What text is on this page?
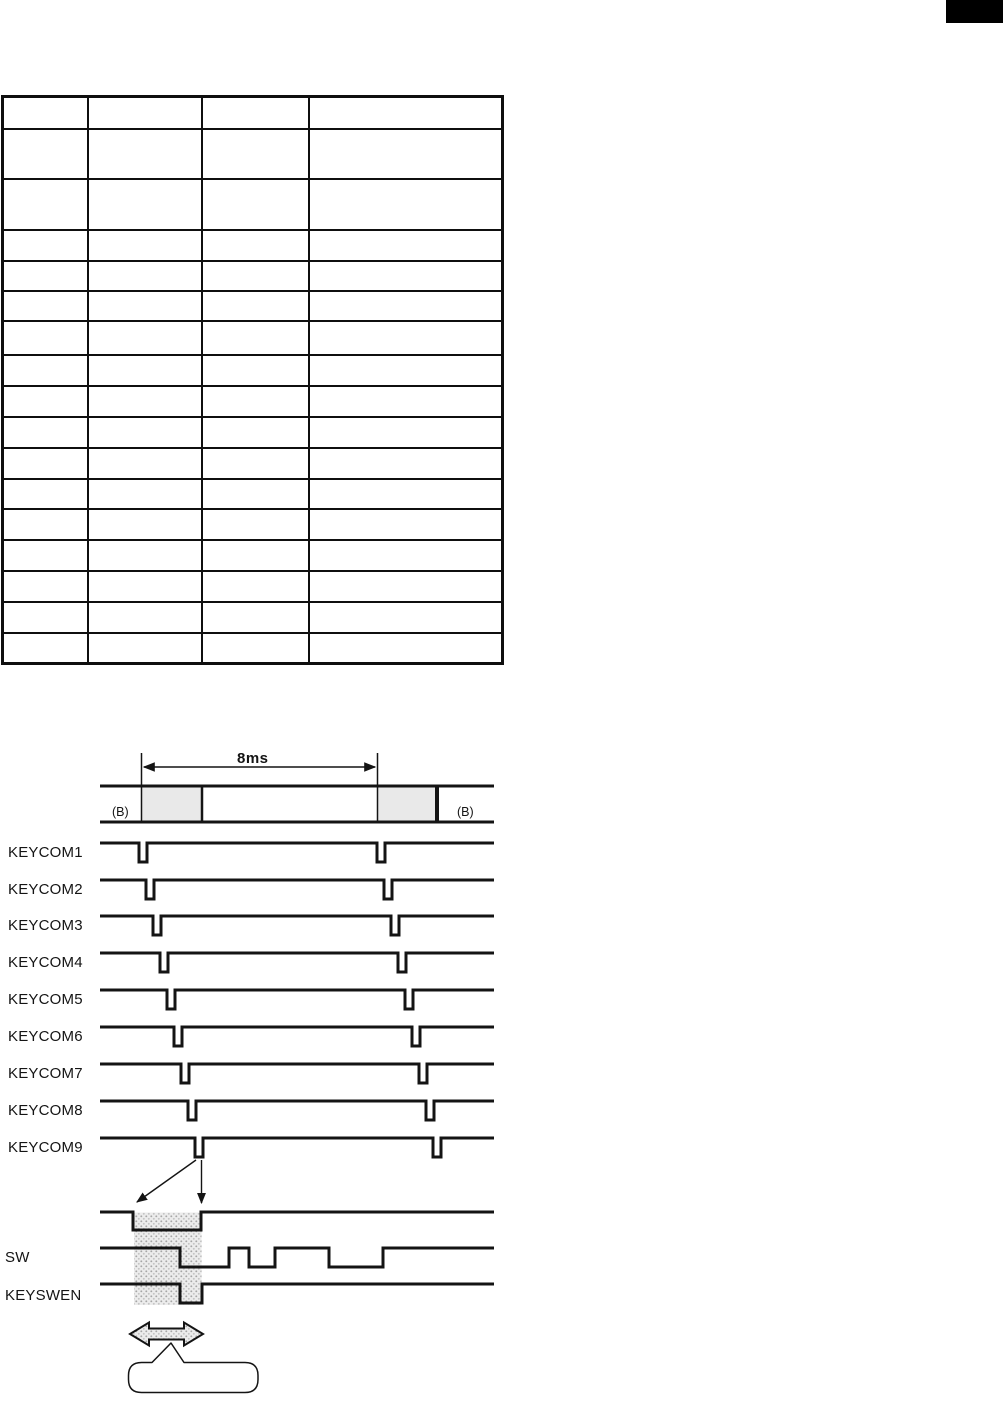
8ms
(B)	(B)
KEYCOM1
KEYCOM2
KEYCOM3
KEYCOM4
KEYCOM5
KEYCOM6
KEYCOM7
KEYCOM8
KEYCOM9
SW
KEYSWEN
